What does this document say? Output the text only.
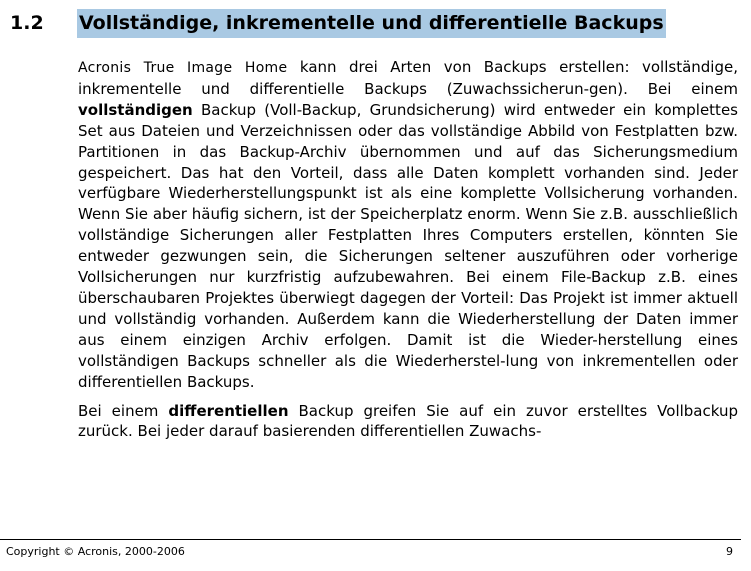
1.2 Vollständige, inkrementelle und differentielle Backups

Acronis True Image Home kann drei Arten von Backups erstellen: vollständige, inkrementelle und differentielle Backups (Zuwachssicherun-gen). Bei einem vollständigen Backup (Voll-Backup, Grundsicherung) wird entweder ein komplettes Set aus Dateien und Verzeichnissen oder das vollständige Abbild von Festplatten bzw. Partitionen in das Backup-Archiv übernommen und auf das Sicherungsmedium gespeichert. Das hat den Vorteil, dass alle Daten komplett vorhanden sind. Jeder verfügbare Wiederherstellungspunkt ist als eine komplette Vollsicherung vorhanden. Wenn Sie aber häufig sichern, ist der Speicherplatz enorm. Wenn Sie z.B. ausschließlich vollständige Sicherungen aller Festplatten Ihres Computers erstellen, könnten Sie entweder gezwungen sein, die Sicherungen seltener auszuführen oder vorherige Vollsicherungen nur kurzfristig aufzubewahren. Bei einem File-Backup z.B. eines überschaubaren Projektes überwiegt dagegen der Vorteil: Das Projekt ist immer aktuell und vollständig vorhanden. Außerdem kann die Wiederherstellung der Daten immer aus einem einzigen Archiv erfolgen. Damit ist die Wieder-herstellung eines vollständigen Backups schneller als die Wiederherstel-lung von inkrementellen oder differentiellen Backups.

Bei einem differentiellen Backup greifen Sie auf ein zuvor erstelltes Vollbackup zurück. Bei jeder darauf basierenden differentiellen Zuwachs-

Copyright © Acronis, 2000-2006	9
